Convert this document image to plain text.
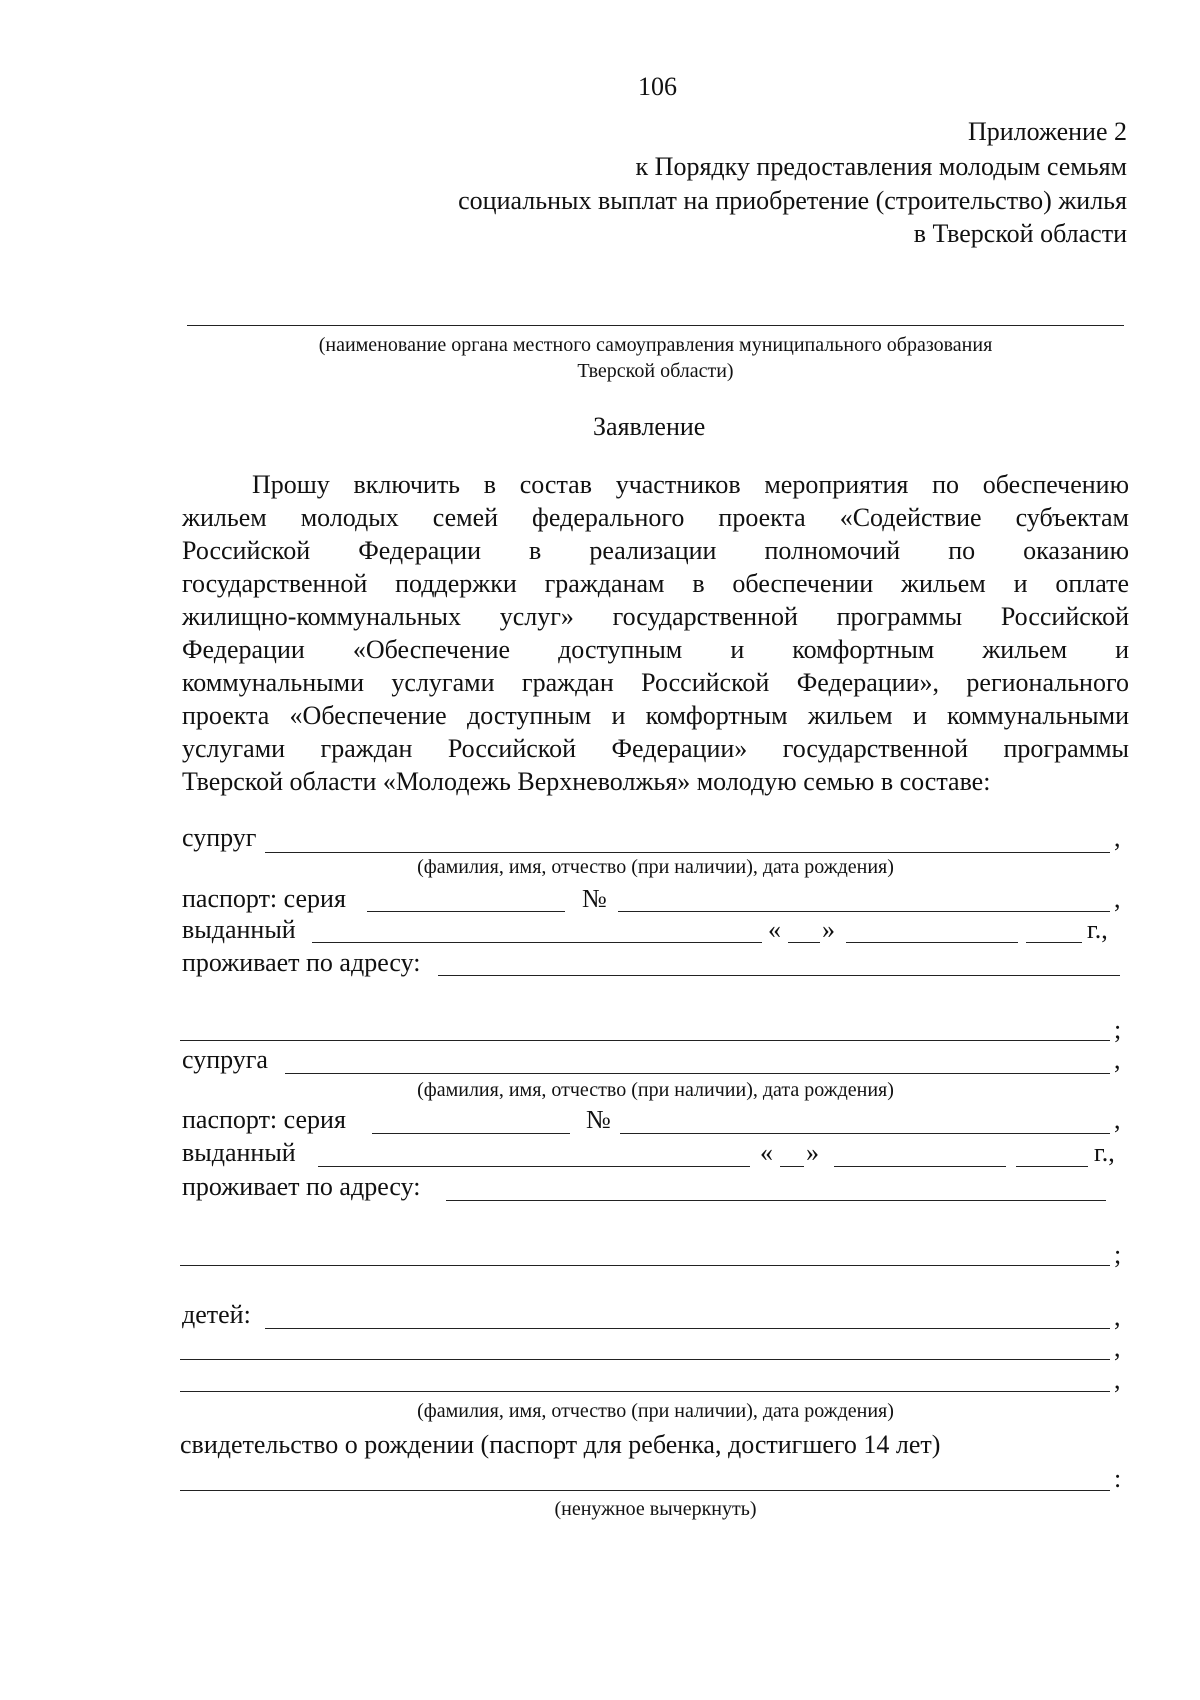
106
Приложение 2
к Порядку предоставления молодым семьям
социальных выплат на приобретение (строительство) жилья
в Тверской области
(наименование органа местного самоуправления муниципального образования
Тверской области)
Заявление
Прошу включить в состав участников мероприятия по обеспечению
жильем молодых семей федерального проекта «Содействие субъектам
Российской Федерации в реализации полномочий по оказанию
государственной поддержки гражданам в обеспечении жильем и оплате
жилищно-коммунальных услуг» государственной программы Российской
Федерации «Обеспечение доступным и комфортным жильем и
коммунальными услугами граждан Российской Федерации», регионального
проекта «Обеспечение доступным и комфортным жильем и коммунальными
услугами граждан Российской Федерации» государственной программы
Тверской области «Молодежь Верхневолжья» молодую семью в составе:
супруг	,
(фамилия, имя, отчество (при наличии), дата рождения)
паспорт: серия	№	,
выданный	« »	г.,
проживает по адресу:
;
супруга	,
(фамилия, имя, отчество (при наличии), дата рождения)
паспорт: серия	№	,
выданный	« »	г.,
проживает по адресу:
;
детей:	,
,
,
(фамилия, имя, отчество (при наличии), дата рождения)
свидетельство о рождении (паспорт для ребенка, достигшего 14 лет)
:
(ненужное вычеркнуть)
